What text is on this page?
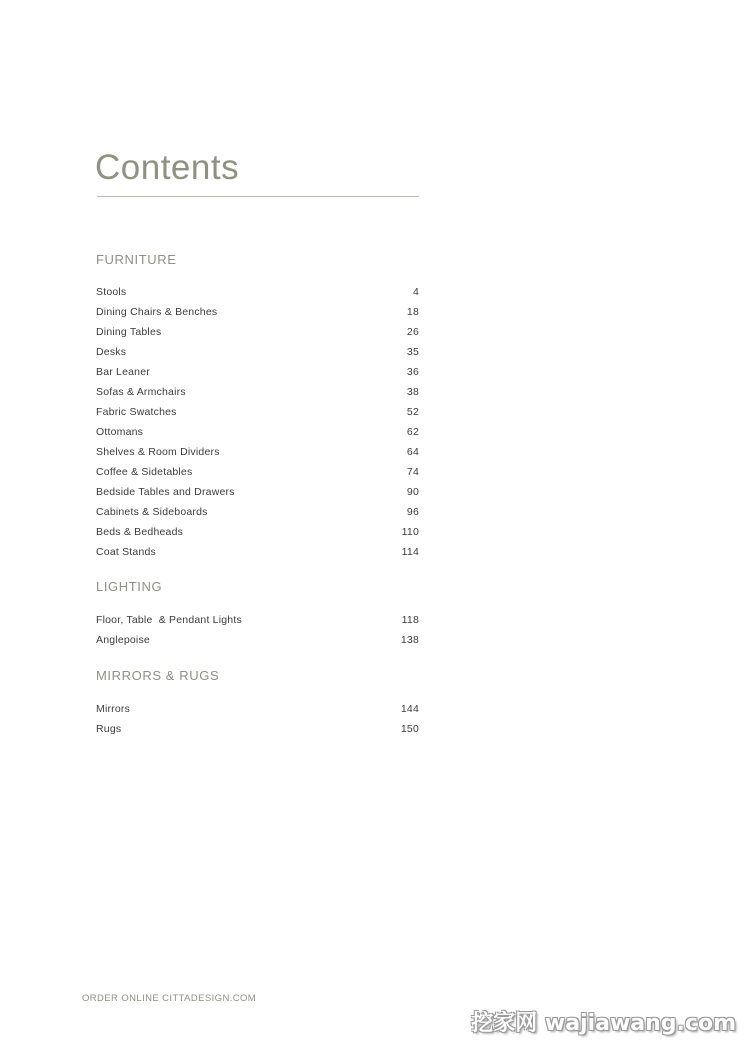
Contents
FURNITURE
Stools	4
Dining Chairs & Benches	18
Dining Tables	26
Desks	35
Bar Leaner	36
Sofas & Armchairs	38
Fabric Swatches	52
Ottomans	62
Shelves & Room Dividers	64
Coffee & Sidetables	74
Bedside Tables and Drawers	90
Cabinets & Sideboards	96
Beds & Bedheads	110
Coat Stands	114
LIGHTING
Floor, Table  & Pendant Lights	118
Anglepoise	138
MIRRORS & RUGS
Mirrors	144
Rugs	150
ORDER ONLINE CITTADESIGN.COM
挖家网 wajiawang.com
